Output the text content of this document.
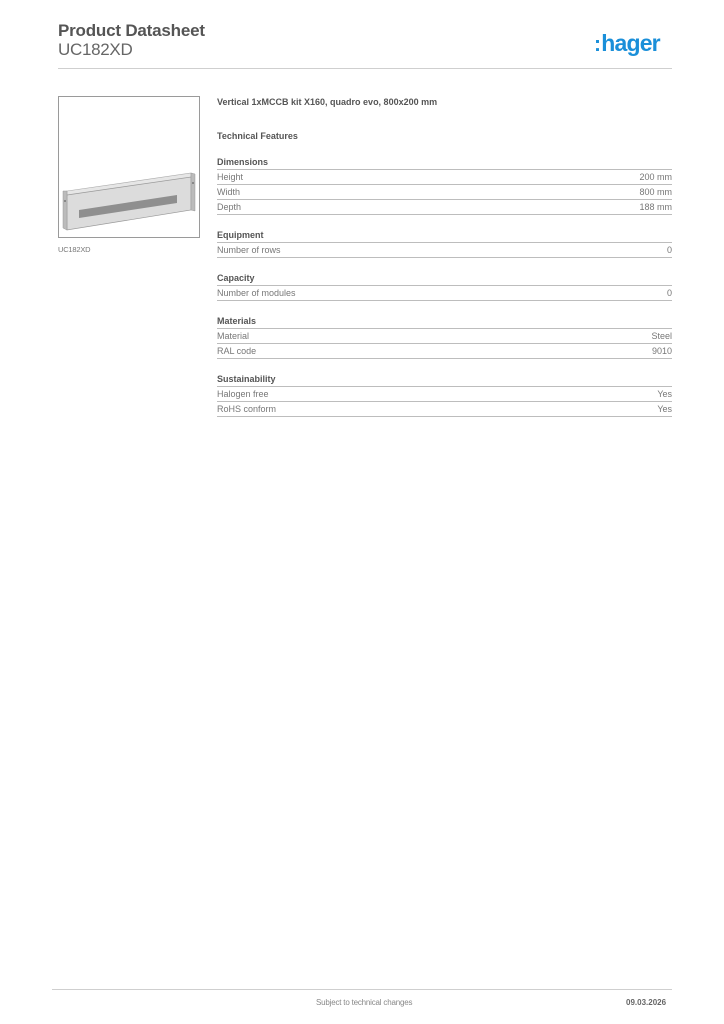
Product Datasheet
UC182XD	:hager
UC182XD
Vertical 1xMCCB kit X160, quadro evo, 800x200 mm
Technical Features
Dimensions
Height	200 mm
Width	800 mm
Depth	188 mm
Equipment
Number of rows	0
Capacity
Number of modules	0
Materials
Material	Steel
RAL code	9010
Sustainability
Halogen free	Yes
RoHS conform	Yes
Subject to technical changes	09.03.2026
